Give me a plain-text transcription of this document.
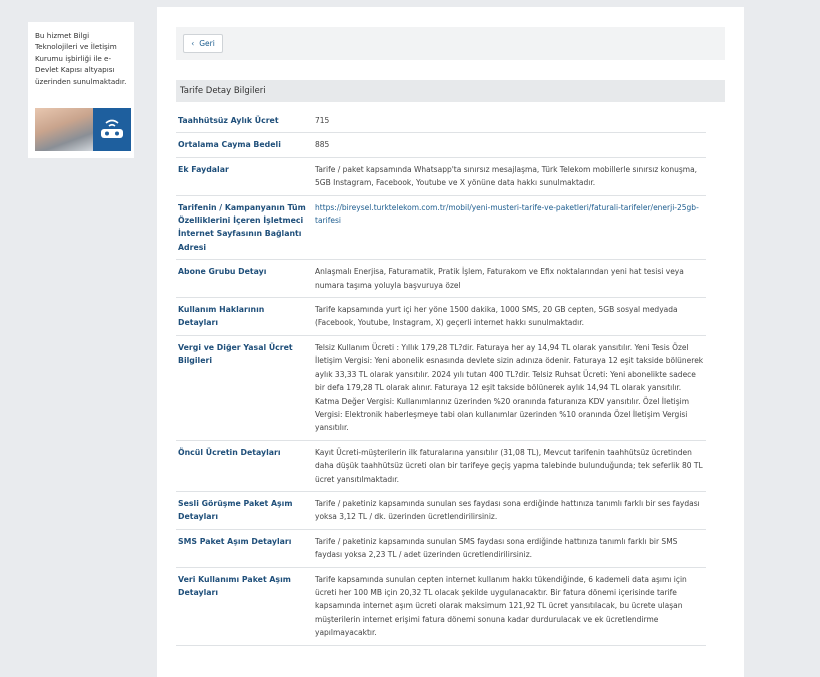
Bu hizmet Bilgi Teknolojileri ve İletişim Kurumu işbirliği ile e-Devlet Kapısı altyapısı üzerinden sunulmaktadır.

‹ Geri
Tarife Detay Bilgileri
Taahhütsüz Aylık Ücret	715
Ortalama Cayma Bedeli	885
Ek Faydalar	Tarife / paket kapsamında Whatsapp'ta sınırsız mesajlaşma, Türk Telekom mobillerle sınırsız konuşma, 5GB Instagram, Facebook, Youtube ve X yönüne data hakkı sunulmaktadır.
Tarifenin / Kampanyanın Tüm Özelliklerini İçeren İşletmeci İnternet Sayfasının Bağlantı Adresi	https://bireysel.turktelekom.com.tr/mobil/yeni-musteri-tarife-ve-paketleri/faturali-tarifeler/enerji-25gb-tarifesi
Abone Grubu Detayı	Anlaşmalı Enerjisa, Faturamatik, Pratik İşlem, Faturakom ve Efix noktalarından yeni hat tesisi veya numara taşıma yoluyla başvuruya özel
Kullanım Haklarının Detayları	Tarife kapsamında yurt içi her yöne 1500 dakika, 1000 SMS, 20 GB cepten, 5GB sosyal medyada (Facebook, Youtube, Instagram, X) geçerli internet hakkı sunulmaktadır.
Vergi ve Diğer Yasal Ücret Bilgileri	Telsiz Kullanım Ücreti : Yıllık 179,28 TL?dir. Faturaya her ay 14,94 TL olarak yansıtılır. Yeni Tesis Özel İletişim Vergisi: Yeni abonelik esnasında devlete sizin adınıza ödenir. Faturaya 12 eşit takside bölünerek aylık 33,33 TL olarak yansıtılır. 2024 yılı tutarı 400 TL?dir. Telsiz Ruhsat Ücreti: Yeni abonelikte sadece bir defa 179,28 TL olarak alınır. Faturaya 12 eşit takside bölünerek aylık 14,94 TL olarak yansıtılır. Katma Değer Vergisi: Kullanımlarınız üzerinden %20 oranında faturanıza KDV yansıtılır. Özel İletişim Vergisi: Elektronik haberleşmeye tabi olan kullanımlar üzerinden %10 oranında Özel İletişim Vergisi yansıtılır.
Öncül Ücretin Detayları	Kayıt Ücreti-müşterilerin ilk faturalarına yansıtılır (31,08 TL), Mevcut tarifenin taahhütsüz ücretinden daha düşük taahhütsüz ücreti olan bir tarifeye geçiş yapma talebinde bulunduğunda; tek seferlik 80 TL ücret yansıtılmaktadır.
Sesli Görüşme Paket Aşım Detayları	Tarife / paketiniz kapsamında sunulan ses faydası sona erdiğinde hattınıza tanımlı farklı bir ses faydası yoksa 3,12 TL / dk. üzerinden ücretlendirilirsiniz.
SMS Paket Aşım Detayları	Tarife / paketiniz kapsamında sunulan SMS faydası sona erdiğinde hattınıza tanımlı farklı bir SMS faydası yoksa 2,23 TL / adet üzerinden ücretlendirilirsiniz.
Veri Kullanımı Paket Aşım Detayları	Tarife kapsamında sunulan cepten internet kullanım hakkı tükendiğinde, 6 kademeli data aşımı için ücreti her 100 MB için 20,32 TL olacak şekilde uygulanacaktır. Bir fatura dönemi içerisinde tarife kapsamında internet aşım ücreti olarak maksimum 121,92 TL ücret yansıtılacak, bu ücrete ulaşan müşterilerin internet erişimi fatura dönemi sonuna kadar durdurulacak ve ek ücretlendirme yapılmayacaktır.
